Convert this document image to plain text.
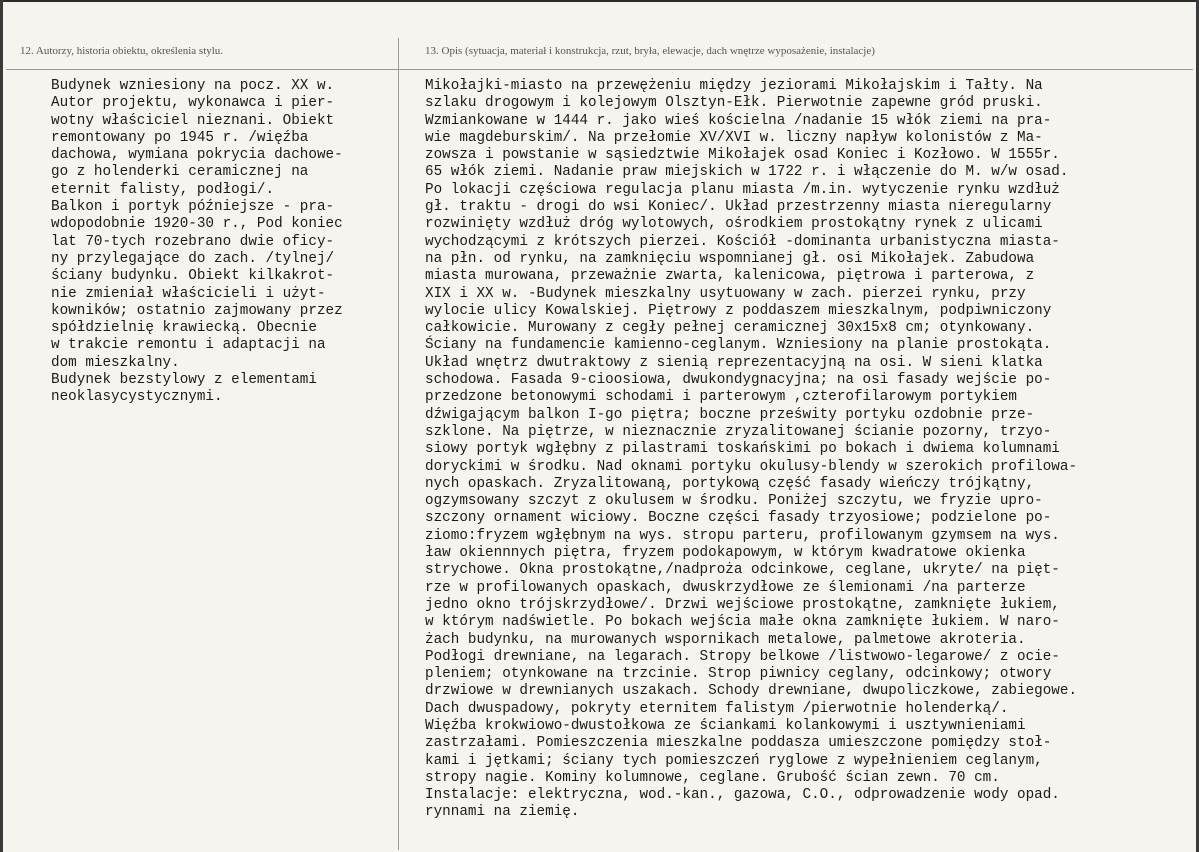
12. Autorzy, historia obiektu, określenia stylu.	13. Opis (sytuacja, materiał i konstrukcja, rzut, bryła, elewacje, dach wnętrze wyposażenie, instalacje)
Budynek wzniesiony na pocz. XX w.
Autor projektu, wykonawca i pier-
wotny właściciel nieznani. Obiekt
remontowany po 1945 r. /więźba
dachowa, wymiana pokrycia dachowe-
go z holenderki ceramicznej na
eternit falisty, podłogi/.
Balkon i portyk późniejsze - pra-
wdopodobnie 1920-30 r., Pod koniec
lat 70-tych rozebrano dwie oficy-
ny przylegające do zach. /tylnej/
ściany budynku. Obiekt kilkakrot-
nie zmieniał właścicieli i użyt-
kowników; ostatnio zajmowany przez
spółdzielnię krawiecką. Obecnie
w trakcie remontu i adaptacji na
dom mieszkalny.
Budynek bezstylowy z elementami
neoklasycystycznymi.
Mikołajki-miasto na przewężeniu między jeziorami Mikołajskim i Tałty. Na
szlaku drogowym i kolejowym Olsztyn-Ełk. Pierwotnie zapewne gród pruski.
Wzmiankowane w 1444 r. jako wieś kościelna /nadanie 15 włók ziemi na pra-
wie magdeburskim/. Na przełomie XV/XVI w. liczny napływ kolonistów z Ma-
zowsza i powstanie w sąsiedztwie Mikołajek osad Koniec i Kozłowo. W 1555r.
65 włók ziemi. Nadanie praw miejskich w 1722 r. i włączenie do M. w/w osad.
Po lokacji częściowa regulacja planu miasta /m.in. wytyczenie rynku wzdłuż
gł. traktu - drogi do wsi Koniec/. Układ przestrzenny miasta nieregularny
rozwinięty wzdłuż dróg wylotowych, ośrodkiem prostokątny rynek z ulicami
wychodzącymi z krótszych pierzei. Kościół -dominanta urbanistyczna miasta-
na płn. od rynku, na zamknięciu wspomnianej gł. osi Mikołajek. Zabudowa
miasta murowana, przeważnie zwarta, kalenicowa, piętrowa i parterowa, z
XIX i XX w. -Budynek mieszkalny usytuowany w zach. pierzei rynku, przy
wylocie ulicy Kowalskiej. Piętrowy z poddaszem mieszkalnym, podpiwniczony
całkowicie. Murowany z cegły pełnej ceramicznej 30x15x8 cm; otynkowany.
Ściany na fundamencie kamienno-ceglanym. Wzniesiony na planie prostokąta.
Układ wnętrz dwutraktowy z sienią reprezentacyjną na osi. W sieni klatka
schodowa. Fasada 9-cioosiowa, dwukondygnacyjna; na osi fasady wejście po-
przedzone betonowymi schodami i parterowym ,czterofilarowym portykiem
dźwigającym balkon I-go piętra; boczne prześwity portyku ozdobnie prze-
szklone. Na piętrze, w nieznacznie zryzalitowanej ścianie pozorny, trzyo-
siowy portyk wgłębny z pilastrami toskańskimi po bokach i dwiema kolumnami
doryckimi w środku. Nad oknami portyku okulusy-blendy w szerokich profilowa-
nych opaskach. Zryzalitowaną, portykową część fasady wieńczy trójkątny,
ogzymsowany szczyt z okulusem w środku. Poniżej szczytu, we fryzie upro-
szczony ornament wiciowy. Boczne części fasady trzyosiowe; podzielone po-
ziomo:fryzem wgłębnym na wys. stropu parteru, profilowanym gzymsem na wys.
ław okiennnych piętra, fryzem podokapowym, w którym kwadratowe okienka
strychowe. Okna prostokątne,/nadproża odcinkowe, ceglane, ukryte/ na pięt-
rze w profilowanych opaskach, dwuskrzydłowe ze ślemionami /na parterze
jedno okno trójskrzydłowe/. Drzwi wejściowe prostokątne, zamknięte łukiem,
w którym nadświetle. Po bokach wejścia małe okna zamknięte łukiem. W naro-
żach budynku, na murowanych wspornikach metalowe, palmetowe akroteria.
Podłogi drewniane, na legarach. Stropy belkowe /listwowo-legarowe/ z ocie-
pleniem; otynkowane na trzcinie. Strop piwnicy ceglany, odcinkowy; otwory
drzwiowe w drewnianych uszakach. Schody drewniane, dwupoliczkowe, zabiegowe.
Dach dwuspadowy, pokryty eternitem falistym /pierwotnie holenderką/.
Więźba krokwiowo-dwustołkowa ze ściankami kolankowymi i usztywnieniami
zastrzałami. Pomieszczenia mieszkalne poddasza umieszczone pomiędzy stoł-
kami i jętkami; ściany tych pomieszczeń ryglowe z wypełnieniem ceglanym,
stropy nagie. Kominy kolumnowe, ceglane. Grubość ścian zewn. 70 cm.
Instalacje: elektryczna, wod.-kan., gazowa, C.O., odprowadzenie wody opad.
rynnami na ziemię.
